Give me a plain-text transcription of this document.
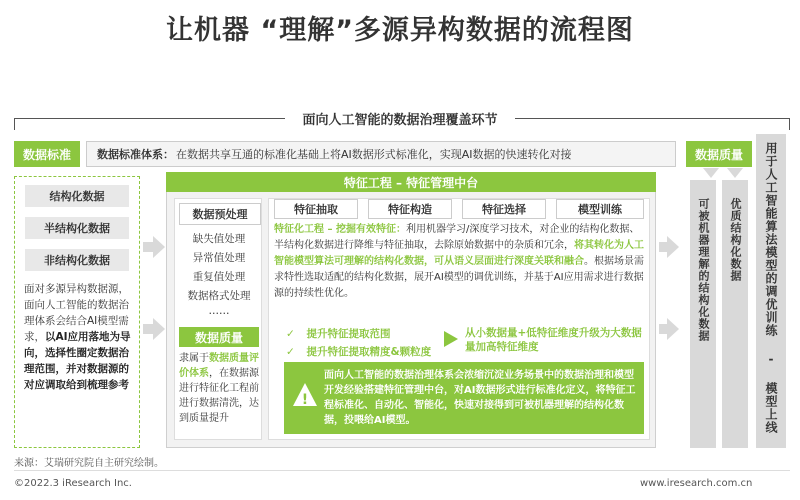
让机器 “理解”多源异构数据的流程图
面向人工智能的数据治理覆盖环节
数据标准	数据标准体系： 在数据共享互通的标准化基础上将AI数据形式标准化，实现AI数据的快速转化对接
结构化数据
半结构化数据
非结构化数据
面对多源异构数据源，面向人工智能的数据治理体系会结合AI模型需求，以AI应用落地为导向，选择性圈定数据治理范围，并对数据源的对应调取给到梳理参考
特征工程 – 特征管理中台
数据预处理
缺失值处理
异常值处理
重复值处理
数据格式处理
……
数据质量
隶属于数据质量评价体系，在数据源进行特征化工程前进行数据清洗，达到质量提升
特征抽取	特征构造	特征选择	模型训练
特征化工程 – 挖掘有效特征：利用机器学习/深度学习技术，对企业的结构化数据、半结构化数据进行降维与特征抽取，去除原始数据中的杂质和冗余，将其转化为人工智能模型算法可理解的结构化数据，可从语义层面进行深度关联和融合。根据场景需求特性选取适配的结构化数据，展开AI模型的调优训练，并基于AI应用需求进行数据源的持续性优化。
✓ 提升特征提取范围
✓ 提升特征提取精度&颗粒度
从小数据量+低特征维度升级为大数据量加高特征维度
!
面向人工智能的数据治理体系会浓缩沉淀业务场景中的数据治理和模型开发经验搭建特征管理中台，对AI数据形式进行标准化定义，将特征工程标准化、自动化、智能化，快速对接得到可被机器理解的结构化数据，投喂给AI模型。
数据质量
可被机器理解的结构化数据 优质结构化数据 用于人工智能算法模型的调优训练 - 模型上线
来源：艾瑞研究院自主研究绘制。
©2022.3 iResearch Inc.	www.iresearch.com.cn
